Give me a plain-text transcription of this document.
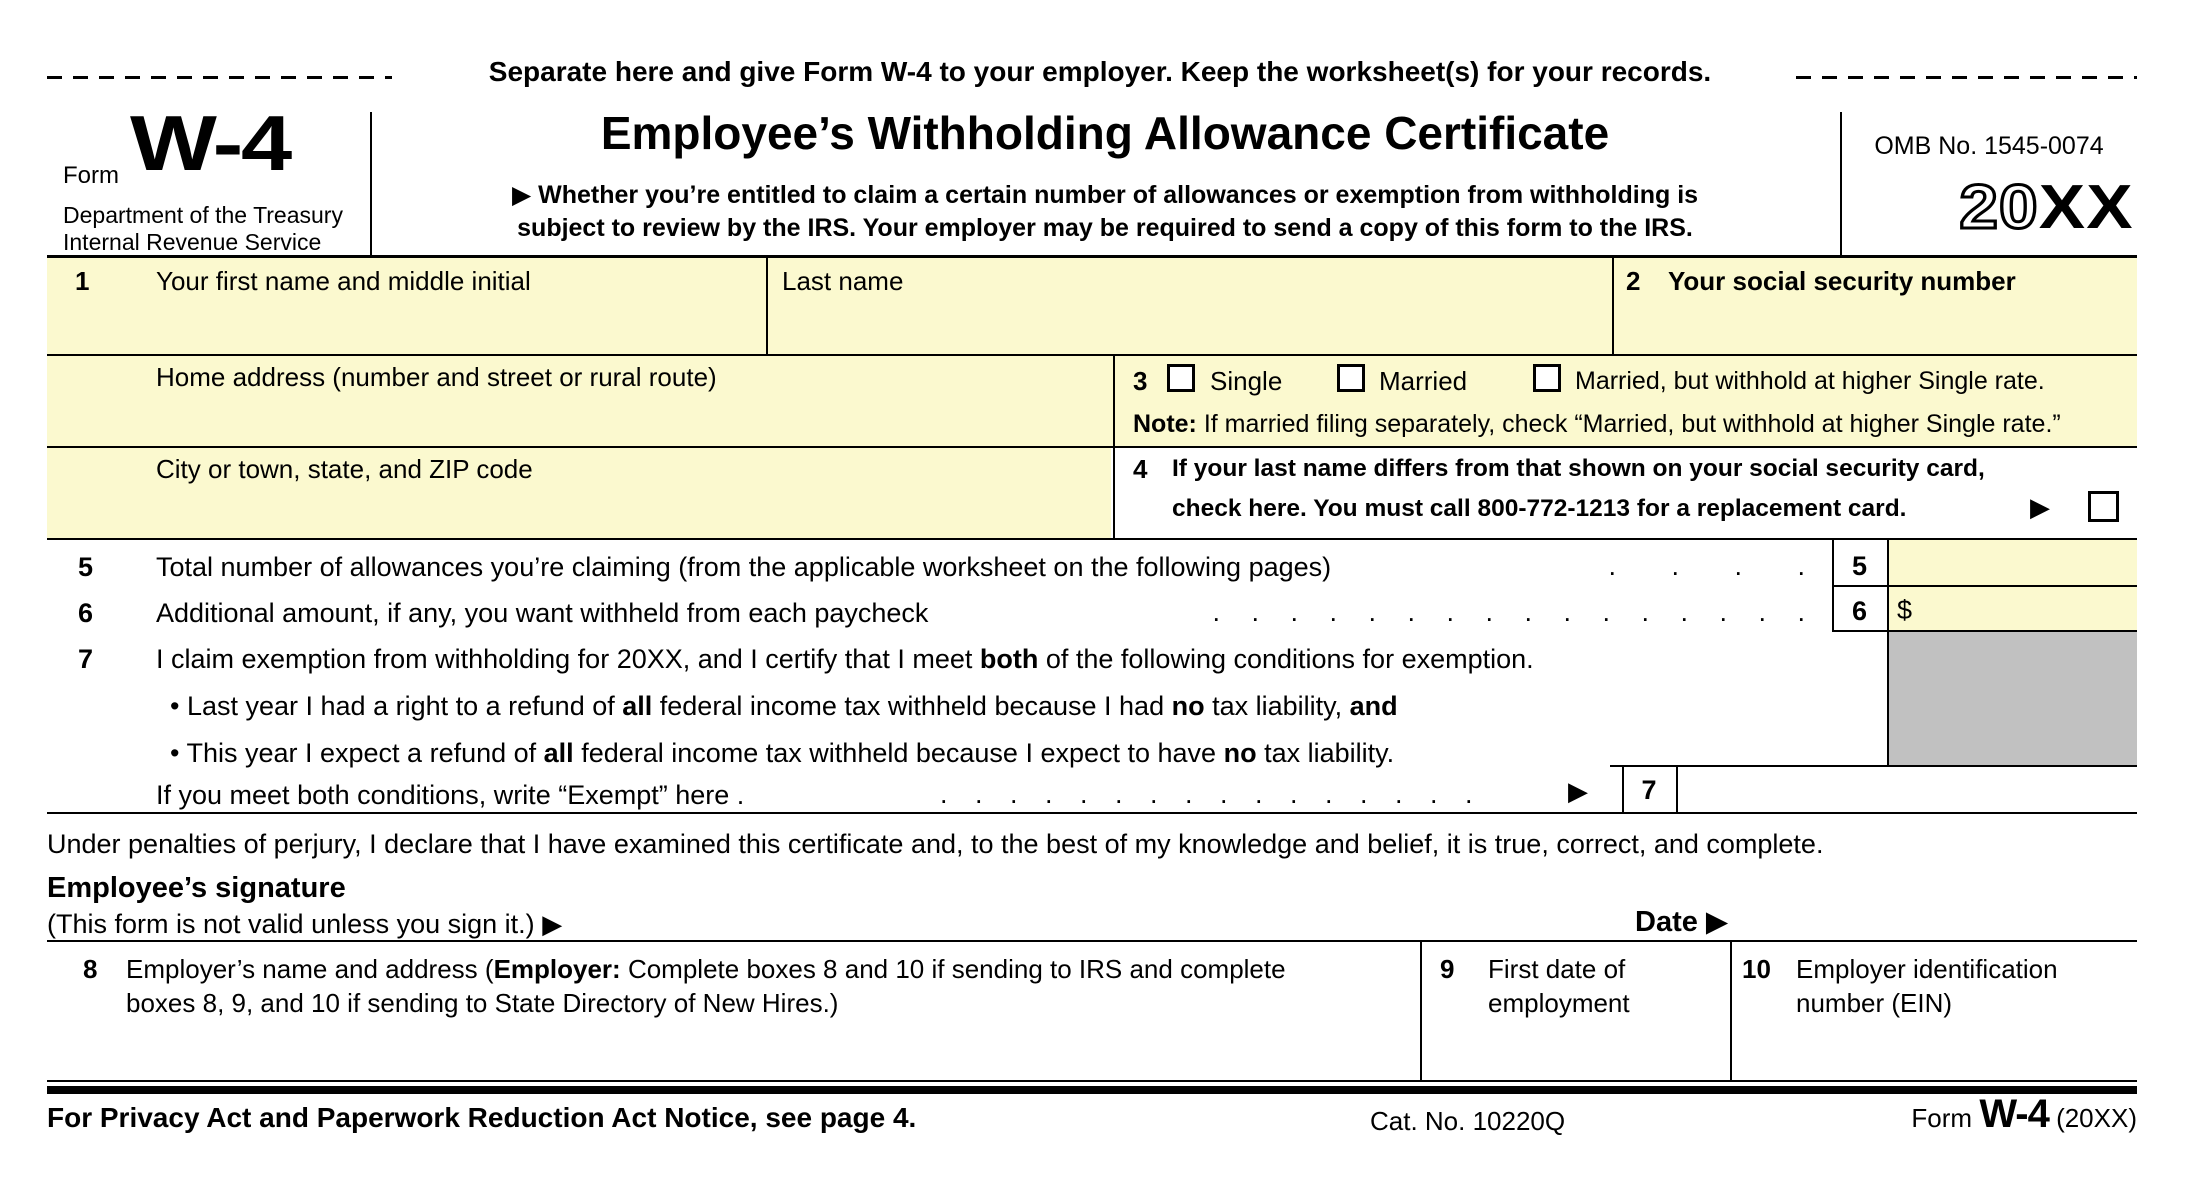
Separate here and give Form W-4 to your employer. Keep the worksheet(s) for your records.
Form W-4
Department of the Treasury
Internal Revenue Service
Employee’s Withholding Allowance Certificate
▶ Whether you’re entitled to claim a certain number of allowances or exemption from withholding is
subject to review by the IRS. Your employer may be required to send a copy of this form to the IRS.
OMB No. 1545-0074
20XX
1	Your first name and middle initial	Last name	2 Your social security number
Home address (number and street or rural route)	3 Single	Married	Married, but withhold at higher Single rate.
Note: If married filing separately, check “Married, but withhold at higher Single rate.”
City or town, state, and ZIP code	4 If your last name differs from that shown on your social security card,
check here. You must call 800-772-1213 for a replacement card.	▶
5 Total number of allowances you’re claiming (from the applicable worksheet on the following pages)	. . . .	5
6 Additional amount, if any, you want withheld from each paycheck	. . . . . . . . . . . . . . . .	6	$
7 I claim exemption from withholding for 20XX, and I certify that I meet both of the following conditions for exemption.
• Last year I had a right to a refund of all federal income tax withheld because I had no tax liability, and
• This year I expect a refund of all federal income tax withheld because I expect to have no tax liability.
If you meet both conditions, write “Exempt” here .	. . . . . . . . . . . . . . . .	▶	7
Under penalties of perjury, I declare that I have examined this certificate and, to the best of my knowledge and belief, it is true, correct, and complete.
Employee’s signature
(This form is not valid unless you sign it.) ▶	Date ▶
8 Employer’s name and address (Employer: Complete boxes 8 and 10 if sending to IRS and complete
boxes 8, 9, and 10 if sending to State Directory of New Hires.)
9 First date of
employment
10 Employer identification
number (EIN)
For Privacy Act and Paperwork Reduction Act Notice, see page 4.	Cat. No. 10220Q	Form W-4 (20XX)
